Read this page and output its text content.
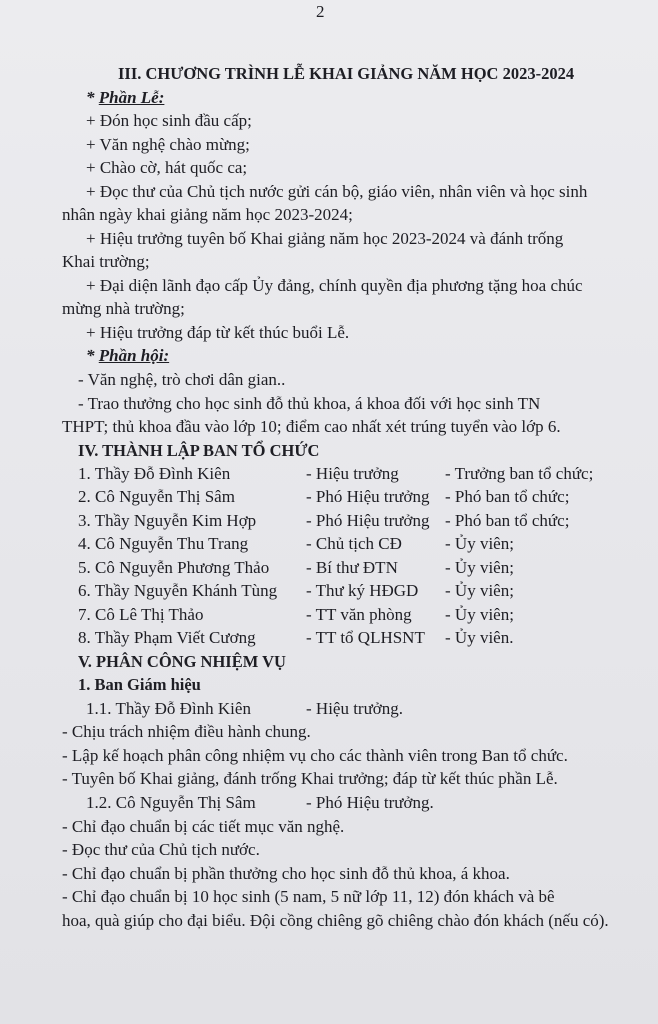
2
III. CHƯƠNG TRÌNH LỄ KHAI GIẢNG NĂM HỌC 2023-2024
* Phần Lễ:
+ Đón học sinh đầu cấp;
+ Văn nghệ chào mừng;
+ Chào cờ, hát quốc ca;
+ Đọc thư của Chủ tịch nước gửi cán bộ, giáo viên, nhân viên và học sinh
nhân ngày khai giảng năm học 2023-2024;
+ Hiệu trưởng tuyên bố Khai giảng năm học 2023-2024 và đánh trống
Khai trường;
+ Đại diện lãnh đạo cấp Ủy đảng, chính quyền địa phương tặng hoa chúc
mừng nhà trường;
+ Hiệu trưởng đáp từ kết thúc buổi Lễ.
* Phần hội:
- Văn nghệ, trò chơi dân gian..
- Trao thưởng cho học sinh đỗ thủ khoa, á khoa đối với học sinh TN
THPT; thủ khoa đầu vào lớp 10; điểm cao nhất xét trúng tuyển vào lớp 6.
IV. THÀNH LẬP BAN TỔ CHỨC
1. Thầy Đỗ Đình Kiên	- Hiệu trưởng	- Trưởng ban tổ chức;
2. Cô Nguyễn Thị Sâm	- Phó Hiệu trưởng - Phó ban tổ chức;
3. Thầy Nguyễn Kim Hợp	- Phó Hiệu trưởng - Phó ban tổ chức;
4. Cô Nguyễn Thu Trang	- Chủ tịch CĐ	- Ủy viên;
5. Cô Nguyễn Phương Thảo - Bí thư ĐTN	- Ủy viên;
6. Thầy Nguyễn Khánh Tùng - Thư ký HĐGD - Ủy viên;
7. Cô Lê Thị Thảo	- TT văn phòng - Ủy viên;
8. Thầy Phạm Viết Cương	- TT tổ QLHSNT - Ủy viên.
V. PHÂN CÔNG NHIỆM VỤ
1. Ban Giám hiệu
1.1. Thầy Đỗ Đình Kiên	- Hiệu trưởng.
- Chịu trách nhiệm điều hành chung.
- Lập kế hoạch phân công nhiệm vụ cho các thành viên trong Ban tổ chức.
- Tuyên bố Khai giảng, đánh trống Khai trưởng; đáp từ kết thúc phần Lễ.
1.2. Cô Nguyễn Thị Sâm	- Phó Hiệu trưởng.
- Chỉ đạo chuẩn bị các tiết mục văn nghệ.
- Đọc thư của Chủ tịch nước.
- Chỉ đạo chuẩn bị phần thưởng cho học sinh đỗ thủ khoa, á khoa.
- Chỉ đạo chuẩn bị 10 học sinh (5 nam, 5 nữ lớp 11, 12) đón khách và bê
hoa, quà giúp cho đại biểu. Đội cồng chiêng gõ chiêng chào đón khách (nếu có).
